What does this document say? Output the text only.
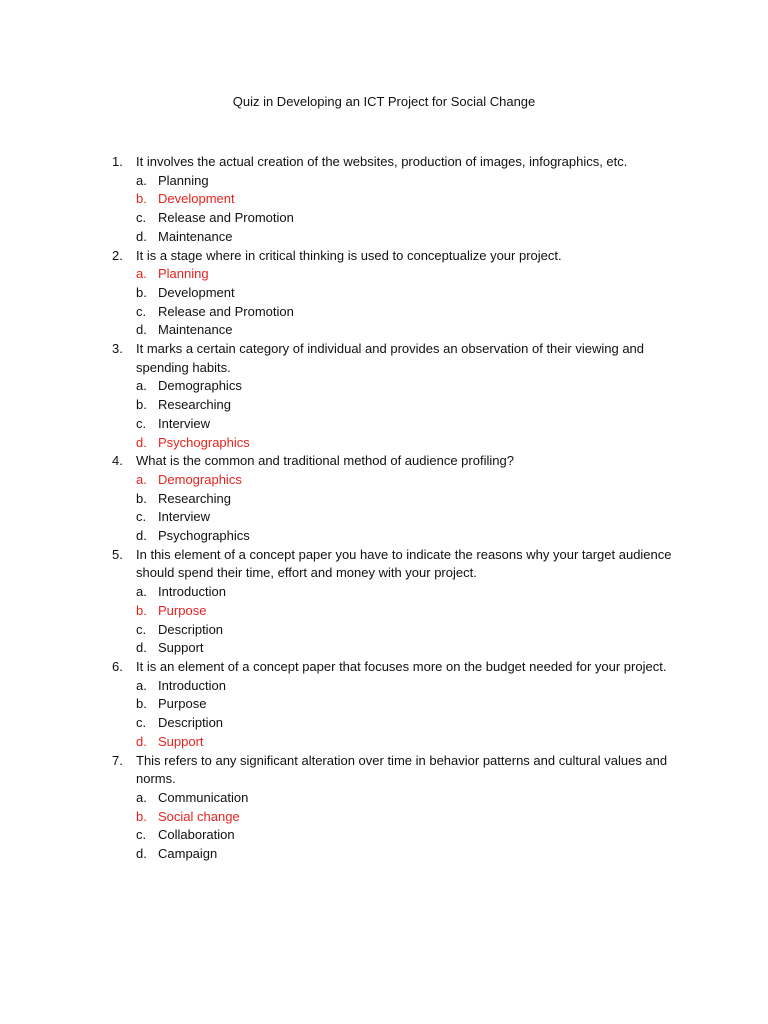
Quiz in Developing an ICT Project for Social Change
1. It involves the actual creation of the websites, production of images, infographics, etc.
a. Planning
b. Development
c. Release and Promotion
d. Maintenance
2. It is a stage where in critical thinking is used to conceptualize your project.
a. Planning
b. Development
c. Release and Promotion
d. Maintenance
3. It marks a certain category of individual and provides an observation of their viewing and spending habits.
a. Demographics
b. Researching
c. Interview
d. Psychographics
4. What is the common and traditional method of audience profiling?
a. Demographics
b. Researching
c. Interview
d. Psychographics
5. In this element of a concept paper you have to indicate the reasons why your target audience should spend their time, effort and money with your project.
a. Introduction
b. Purpose
c. Description
d. Support
6. It is an element of a concept paper that focuses more on the budget needed for your project.
a. Introduction
b. Purpose
c. Description
d. Support
7. This refers to any significant alteration over time in behavior patterns and cultural values and norms.
a. Communication
b. Social change
c. Collaboration
d. Campaign
